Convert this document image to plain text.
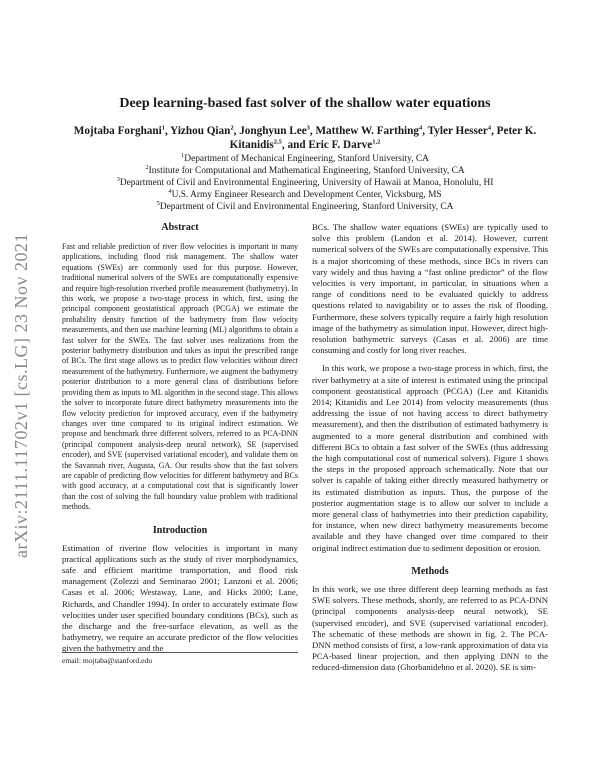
arXiv:2111.11702v1 [cs.LG] 23 Nov 2021
Deep learning-based fast solver of the shallow water equations
Mojtaba Forghani$^1$, Yizhou Qian$^2$, Jonghyun Lee$^3$, Matthew W. Farthing$^4$, Tyler Hesser$^4$, Peter K. Kitanidis$^{2,5}$, and Eric F. Darve$^{1,2}$
$^1$Department of Mechanical Engineering, Stanford University, CA
$^2$Institute for Computational and Mathematical Engineering, Stanford University, CA
$^3$Department of Civil and Environmental Engineering, University of Hawaii at Manoa, Honolulu, HI
$^4$U.S. Army Engineer Research and Development Center, Vicksburg, MS
$^5$Department of Civil and Environmental Engineering, Stanford University, CA
Abstract

Fast and reliable prediction of river flow velocities is important in many applications, including flood risk management. The shallow water equations (SWEs) are commonly used for this purpose. However, traditional numerical solvers of the SWEs are computationally expensive and require high-resolution riverbed profile measurement (bathymetry). In this work, we propose a two-stage process in which, first, using the principal component geostatistical approach (PCGA) we estimate the probability density function of the bathymetry from flow velocity measurements, and then use machine learning (ML) algorithms to obtain a fast solver for the SWEs. The fast solver uses realizations from the posterior bathymetry distribution and takes as input the prescribed range of BCs. The first stage allows us to predict flow velocities without direct measurement of the bathymetry. Furthermore, we augment the bathymetry posterior distribution to a more general class of distributions before providing them as inputs to ML algorithm in the second stage. This allows the solver to incorporate future direct bathymetry measurements into the flow velocity prediction for improved accuracy, even if the bathymetry changes over time compared to its original indirect estimation. We propose and benchmark three different solvers, referred to as PCA-DNN (principal component analysis-deep neural network), SE (supervised encoder), and SVE (supervised variational encoder), and validate them on the Savannah river, Augusta, GA. Our results show that the fast solvers are capable of predicting flow velocities for different bathymetry and BCs with good accuracy, at a computational cost that is significantly lower than the cost of solving the full boundary value problem with traditional methods.

Introduction

Estimation of riverine flow velocities is important in many practical applications such as the study of river morphodynamics, safe and efficient maritime transportation, and flood risk management (Zolezzi and Seminarao 2001; Lanzoni et al. 2006; Casas et al. 2006; Westaway, Lane, and Hicks 2000; Lane, Richards, and Chandler 1994). In order to accurately estimate flow velocities under user specified boundary conditions (BCs), such as the discharge and the free-surface elevation, as well as the bathymetry, we require an accurate predictor of the flow velocities given the bathymetry and the

email: mojtaba@stanford.edu

BCs. The shallow water equations (SWEs) are typically used to solve this problem (Landon et al. 2014). However, current numerical solvers of the SWEs are computationally expensive. This is a major shortcoming of these methods, since BCs in rivers can vary widely and thus having a “fast online predictor” of the flow velocities is very important, in particular, in situations when a range of conditions need to be evaluated quickly to address questions related to navigability or to asses the risk of flooding. Furthermore, these solvers typically require a fairly high resolution image of the bathymetry as simulation input. However, direct high-resolution bathymetric surveys (Casas et al. 2006) are time consuming and costly for long river reaches.

In this work, we propose a two-stage process in which, first, the river bathymetry at a site of interest is estimated using the principal component geostatistical approach (PCGA) (Lee and Kitanidis 2014; Kitanidis and Lee 2014) from velocity measurements (thus addressing the issue of not having access to direct bathymetry measurement), and then the distribution of estimated bathymetry is augmented to a more general distribution and combined with different BCs to obtain a fast solver of the SWEs (thus addressing the high computational cost of numerical solvers). Figure 1 shows the steps in the proposed approach schematically. Note that our solver is capable of taking either directly measured bathymetry or its estimated distribution as inputs. Thus, the purpose of the posterior augmentation stage is to allow our solver to include a more general class of bathymetries into their prediction capability, for instance, when new direct bathymetry measurements become available and they have changed over time compared to their original indirect estimation due to sediment deposition or erosion.

Methods

In this work, we use three different deep learning methods as fast SWE solvers. These methods, shortly, are referred to as PCA-DNN (principal components analysis-deep neural network), SE (supervised encoder), and SVE (supervised variational encoder). The schematic of these methods are shown in fig. 2. The PCA-DNN method consists of first, a low-rank approximation of data via PCA-based linear projection, and then applying DNN to the reduced-dimension data (Ghorbanidehno et al. 2020). SE is sim-
